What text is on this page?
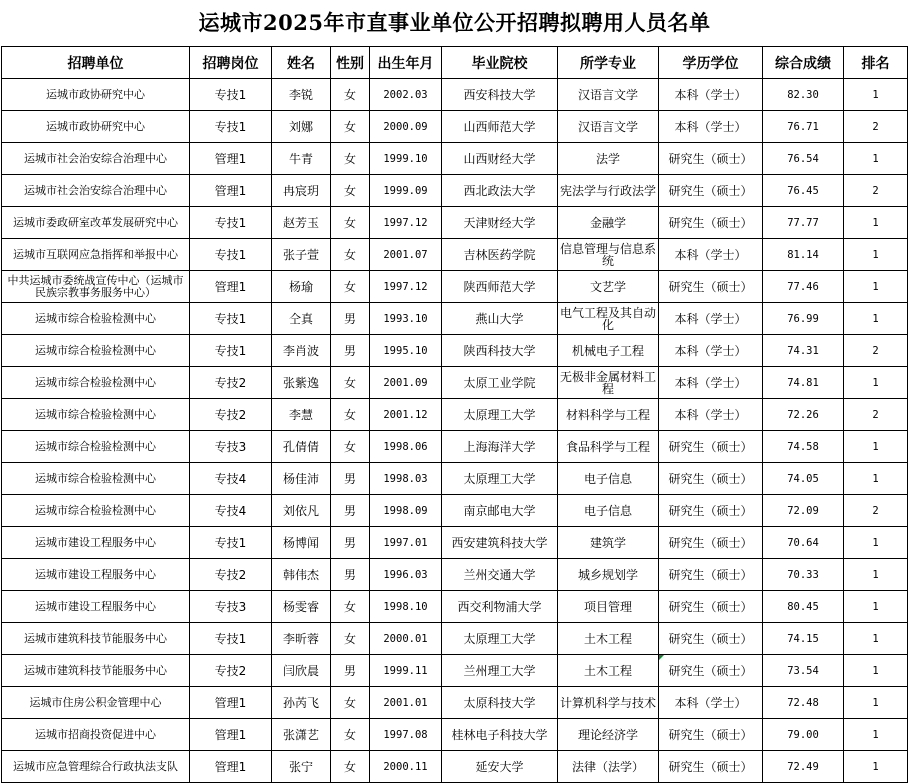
运城市2025年市直事业单位公开招聘拟聘用人员名单
招聘单位	招聘岗位	姓名	性别	出生年月	毕业院校	所学专业	学历学位	综合成绩	排名
运城市政协研究中心	专技1	李锐	女	2002.03	西安科技大学	汉语言文学	本科（学士）	82.30	1
运城市政协研究中心	专技1	刘娜	女	2000.09	山西师范大学	汉语言文学	本科（学士）	76.71	2
运城市社会治安综合治理中心	管理1	牛青	女	1999.10	山西财经大学	法学	研究生（硕士）	76.54	1
运城市社会治安综合治理中心	管理1	冉宸玥	女	1999.09	西北政法大学	宪法学与行政法学	研究生（硕士）	76.45	2
运城市委政研室改革发展研究中心	专技1	赵芳玉	女	1997.12	天津财经大学	金融学	研究生（硕士）	77.77	1
运城市互联网应急指挥和举报中心	专技1	张子萱	女	2001.07	吉林医药学院	信息管理与信息系统	本科（学士）	81.14	1
中共运城市委统战宣传中心（运城市民族宗教事务服务中心）	管理1	杨瑜	女	1997.12	陕西师范大学	文艺学	研究生（硕士）	77.46	1
运城市综合检验检测中心	专技1	仝真	男	1993.10	燕山大学	电气工程及其自动化	本科（学士）	76.99	1
运城市综合检验检测中心	专技1	李肖波	男	1995.10	陕西科技大学	机械电子工程	本科（学士）	74.31	2
运城市综合检验检测中心	专技2	张紫逸	女	2001.09	太原工业学院	无极非金属材料工程	本科（学士）	74.81	1
运城市综合检验检测中心	专技2	李慧	女	2001.12	太原理工大学	材料科学与工程	本科（学士）	72.26	2
运城市综合检验检测中心	专技3	孔倩倩	女	1998.06	上海海洋大学	食品科学与工程	研究生（硕士）	74.58	1
运城市综合检验检测中心	专技4	杨佳沛	男	1998.03	太原理工大学	电子信息	研究生（硕士）	74.05	1
运城市综合检验检测中心	专技4	刘依凡	男	1998.09	南京邮电大学	电子信息	研究生（硕士）	72.09	2
运城市建设工程服务中心	专技1	杨博闻	男	1997.01	西安建筑科技大学	建筑学	研究生（硕士）	70.64	1
运城市建设工程服务中心	专技2	韩伟杰	男	1996.03	兰州交通大学	城乡规划学	研究生（硕士）	70.33	1
运城市建设工程服务中心	专技3	杨雯睿	女	1998.10	西交利物浦大学	项目管理	研究生（硕士）	80.45	1
运城市建筑科技节能服务中心	专技1	李昕蓉	女	2000.01	太原理工大学	土木工程	研究生（硕士）	74.15	1
运城市建筑科技节能服务中心	专技2	闫欣晨	男	1999.11	兰州理工大学	土木工程	研究生（硕士）	73.54	1
运城市住房公积金管理中心	管理1	孙芮飞	女	2001.01	太原科技大学	计算机科学与技术	本科（学士）	72.48	1
运城市招商投资促进中心	管理1	张潇艺	女	1997.08	桂林电子科技大学	理论经济学	研究生（硕士）	79.00	1
运城市应急管理综合行政执法支队	管理1	张宁	女	2000.11	延安大学	法律（法学）	研究生（硕士）	72.49	1
